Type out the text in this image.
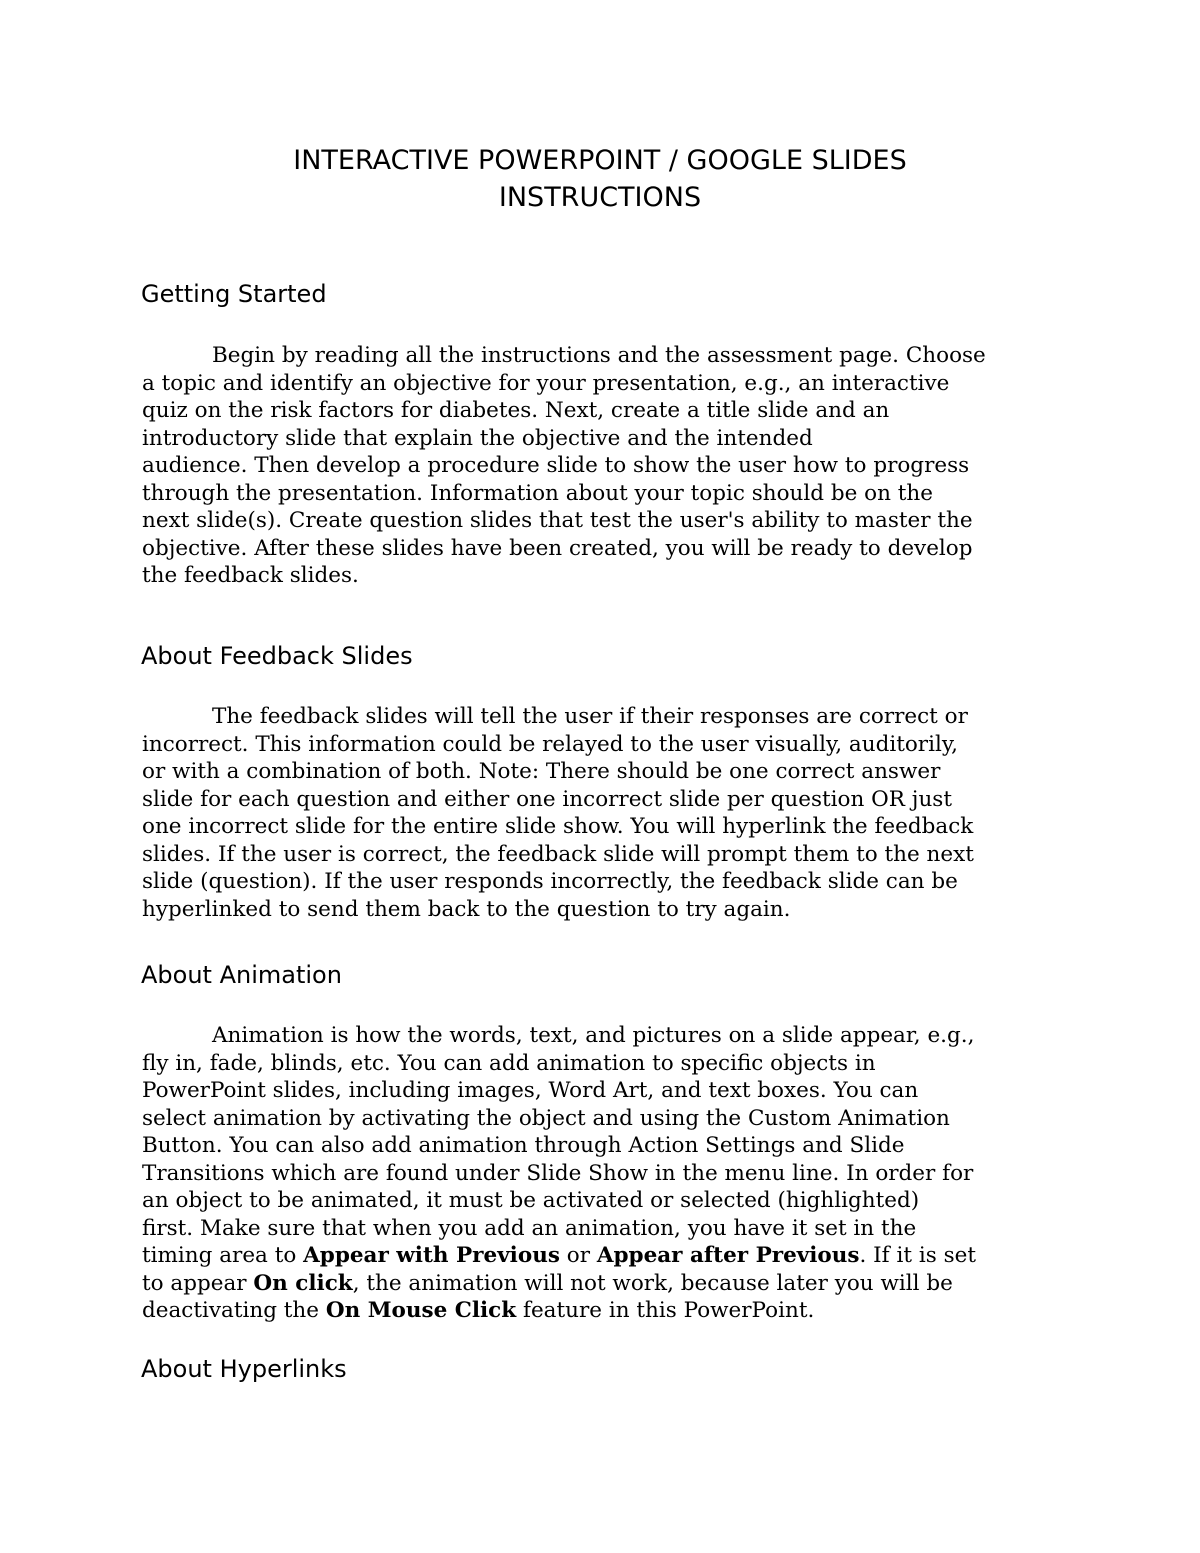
INTERACTIVE POWERPOINT / GOOGLE SLIDES
INSTRUCTIONS
Getting Started
Begin by reading all the instructions and the assessment page. Choose
a topic and identify an objective for your presentation, e.g., an interactive
quiz on the risk factors for diabetes. Next, create a title slide and an
introductory slide that explain the objective and the intended
audience. Then develop a procedure slide to show the user how to progress
through the presentation. Information about your topic should be on the
next slide(s). Create question slides that test the user's ability to master the
objective. After these slides have been created, you will be ready to develop
the feedback slides.
About Feedback Slides
The feedback slides will tell the user if their responses are correct or
incorrect. This information could be relayed to the user visually, auditorily,
or with a combination of both. Note: There should be one correct answer
slide for each question and either one incorrect slide per question OR just
one incorrect slide for the entire slide show. You will hyperlink the feedback
slides. If the user is correct, the feedback slide will prompt them to the next
slide (question). If the user responds incorrectly, the feedback slide can be
hyperlinked to send them back to the question to try again.
About Animation
Animation is how the words, text, and pictures on a slide appear, e.g.,
fly in, fade, blinds, etc. You can add animation to specific objects in
PowerPoint slides, including images, Word Art, and text boxes. You can
select animation by activating the object and using the Custom Animation
Button. You can also add animation through Action Settings and Slide
Transitions which are found under Slide Show in the menu line. In order for
an object to be animated, it must be activated or selected (highlighted)
first. Make sure that when you add an animation, you have it set in the
timing area to Appear with Previous or Appear after Previous. If it is set
to appear On click, the animation will not work, because later you will be
deactivating the On Mouse Click feature in this PowerPoint.
About Hyperlinks
